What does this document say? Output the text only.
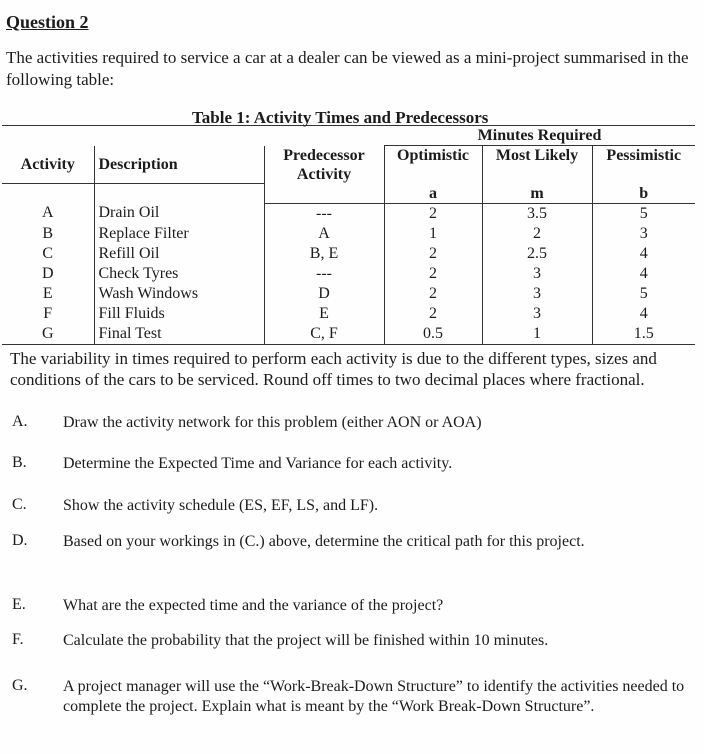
Question 2

The activities required to service a car at a dealer can be viewed as a mini-project summarised in the following table:

Table 1: Activity Times and Predecessors

			Minutes Required		
Activity	Description	Predecessor Activity	Optimistic	Most Likely	Pessimistic
			a	m	b
A	Drain Oil	---	2	3.5	5
B	Replace Filter	A	1	2	3
C	Refill Oil	B, E	2	2.5	4
D	Check Tyres	---	2	3	4
E	Wash Windows	D	2	3	5
F	Fill Fluids	E	2	3	4
G	Final Test	C, F	0.5	1	1.5

The variability in times required to perform each activity is due to the different types, sizes and conditions of the cars to be serviced. Round off times to two decimal places where fractional.

A. Draw the activity network for this problem (either AON or AOA)
B. Determine the Expected Time and Variance for each activity.
C. Show the activity schedule (ES, EF, LS, and LF).
D. Based on your workings in (C.) above, determine the critical path for this project.
E. What are the expected time and the variance of the project?
F. Calculate the probability that the project will be finished within 10 minutes.
G. A project manager will use the “Work-Break-Down Structure” to identify the activities needed to complete the project. Explain what is meant by the “Work Break-Down Structure”.
